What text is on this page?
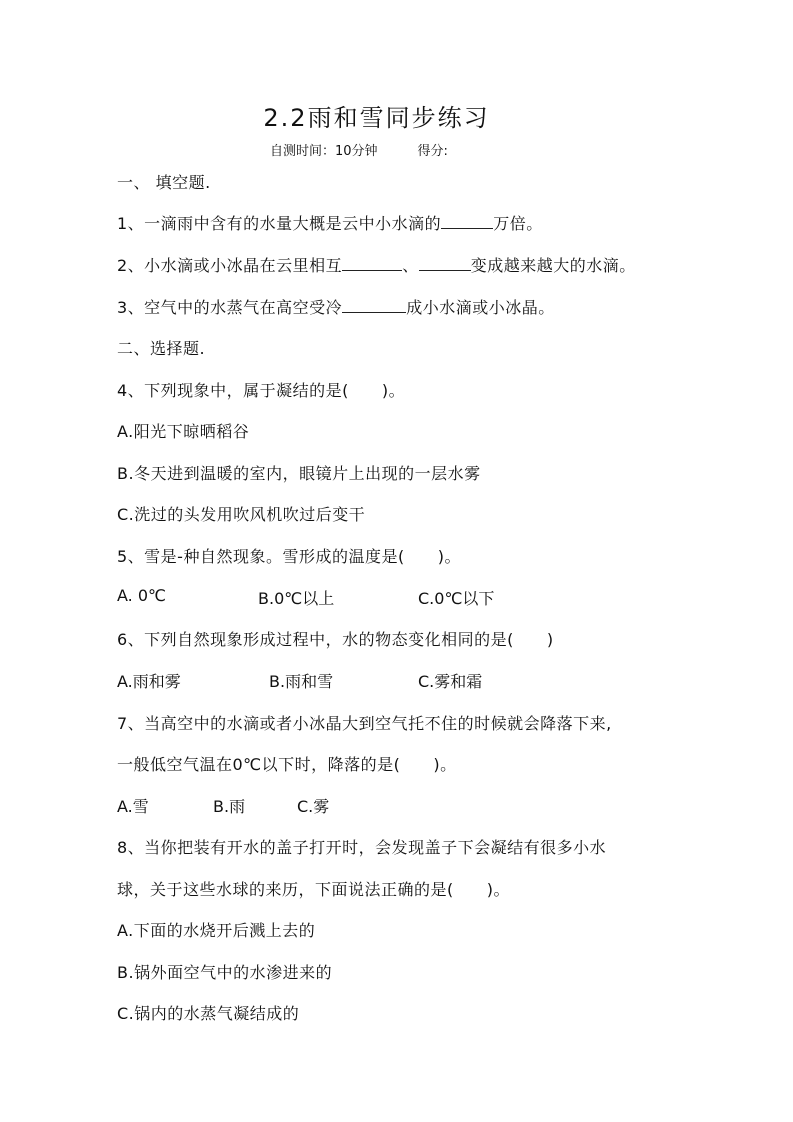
2.2雨和雪同步练习
自测时间：10分钟	得分:
一、 填空题.
1、一滴雨中含有的水量大概是云中小水滴的	万倍。
2、小水滴或小冰晶在云里相互	、	变成越来越大的水滴。
3、空气中的水蒸气在高空受冷	成小水滴或小冰晶。
二、选择题.
4、下列现象中，属于凝结的是(　　)。
A.阳光下晾晒稻谷
B.冬天进到温暖的室内，眼镜片上出现的一层水雾
C.洗过的头发用吹风机吹过后变干
5、雪是-种自然现象。雪形成的温度是(　　)。
A. 0℃	B.0℃以上	C.0℃以下
6、下列自然现象形成过程中，水的物态变化相同的是(　　)
A.雨和雾	B.雨和雪	C.雾和霜
7、当高空中的水滴或者小冰晶大到空气托不住的时候就会降落下来,
一般低空气温在0℃以下时，降落的是(　　)。
A.雪	B.雨	C.雾
8、当你把装有开水的盖子打开时，会发现盖子下会凝结有很多小水
球，关于这些水球的来历，下面说法正确的是(　　)。
A.下面的水烧开后溅上去的
B.锅外面空气中的水渗进来的
C.锅内的水蒸气凝结成的
